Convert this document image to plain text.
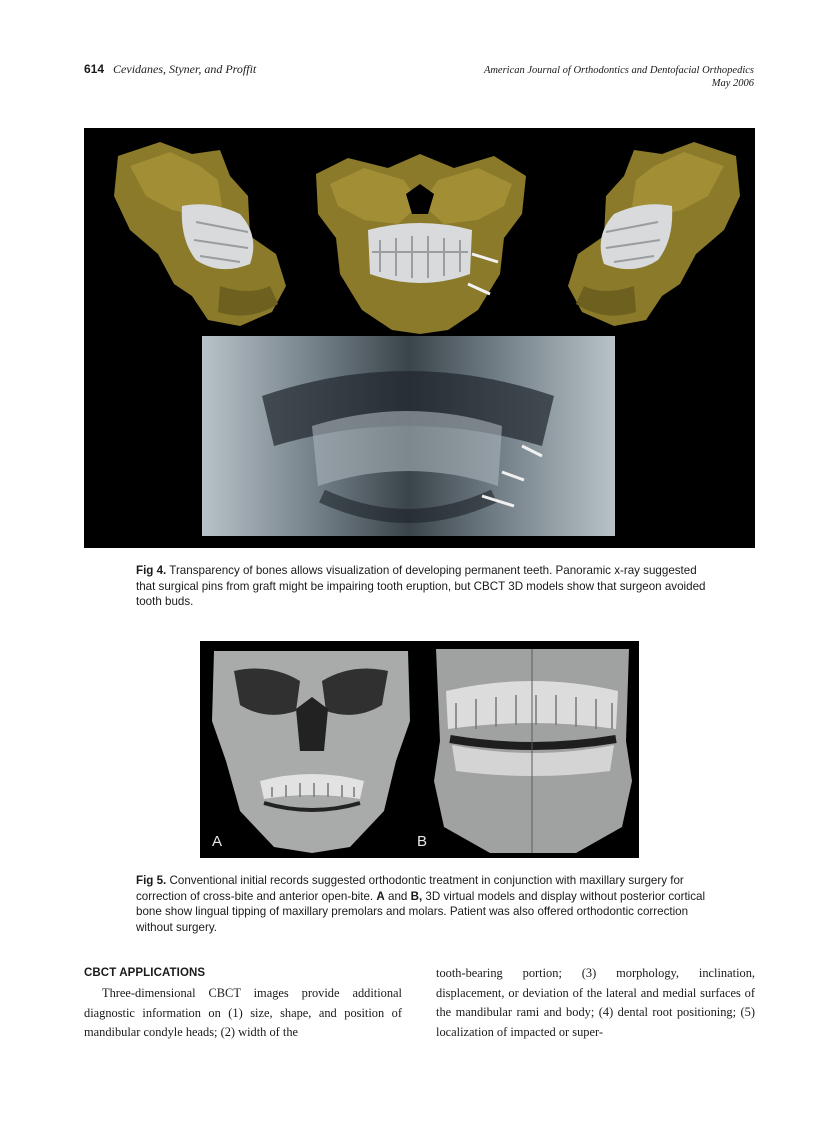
614 Cevidanes, Styner, and Proffit	American Journal of Orthodontics and Dentofacial Orthopedics
May 2006
Fig 4. Transparency of bones allows visualization of developing permanent teeth. Panoramic x-ray suggested that surgical pins from graft might be impairing tooth eruption, but CBCT 3D models show that surgeon avoided tooth buds.
A	B
Fig 5. Conventional initial records suggested orthodontic treatment in conjunction with maxillary surgery for correction of cross-bite and anterior open-bite. A and B, 3D virtual models and display without posterior cortical bone show lingual tipping of maxillary premolars and molars. Patient was also offered orthodontic correction without surgery.
CBCT APPLICATIONS

Three-dimensional CBCT images provide additional diagnostic information on (1) size, shape, and position of mandibular condyle heads; (2) width of the

tooth-bearing portion; (3) morphology, inclination, displacement, or deviation of the lateral and medial surfaces of the mandibular rami and body; (4) dental root positioning; (5) localization of impacted or super-
